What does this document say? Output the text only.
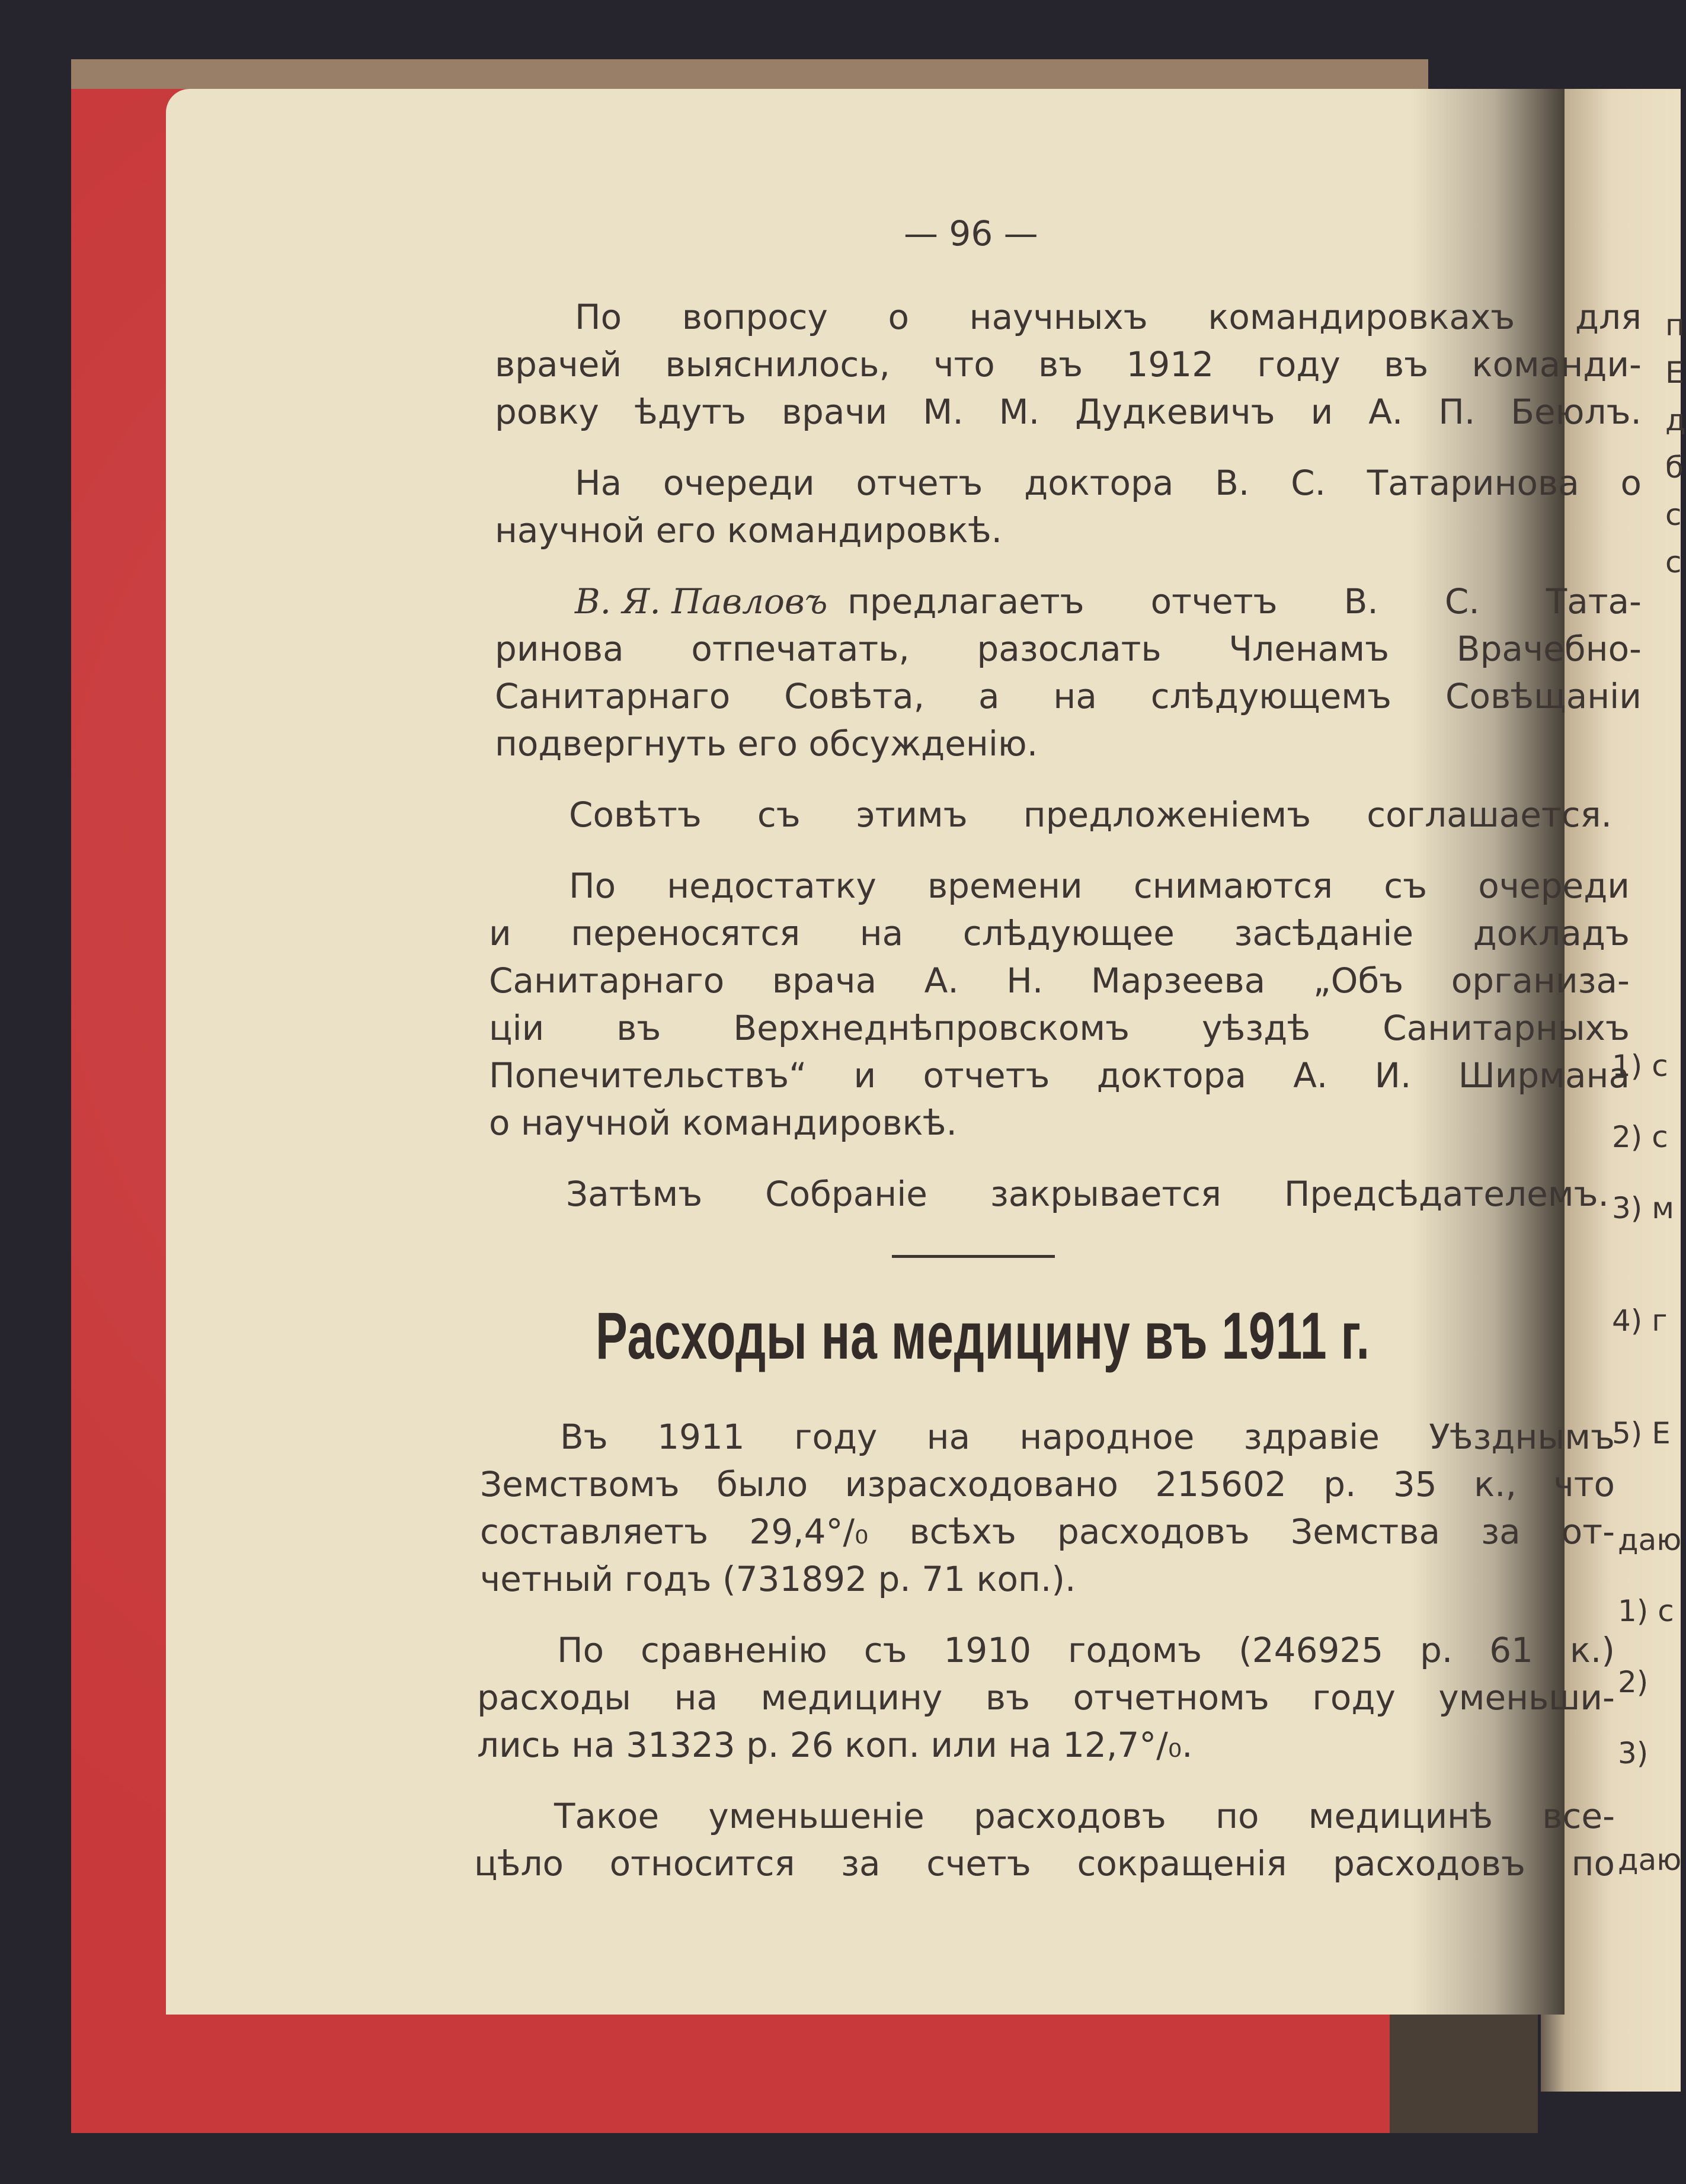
п
Е
д
б
с
с
1) с
2) с
3) м
4) г
5) Е
даю
1) с
2)
3)
даю
— 96 —
По вопросу о научныхъ командировкахъ для
врачей выяснилось, что въ 1912 году въ команди-
ровку ѣдутъ врачи М. М. Дудкевичъ и А. П. Беюлъ.
На очереди отчетъ доктора В. С. Татаринова о
научной его командировкѣ.
В. Я. Павловъ предлагаетъ отчетъ В. С. Тата-
ринова отпечатать, разослать Членамъ Врачебно-
Санитарнаго Совѣта, а на слѣдующемъ Совѣщаніи
подвергнуть его обсужденію.
Совѣтъ съ этимъ предложеніемъ соглашается.
По недостатку времени снимаются съ очереди
и переносятся на слѣдующее засѣданіе докладъ
Санитарнаго врача А. Н. Марзеева „Объ организа-
ціи въ Верхнеднѣпровскомъ уѣздѣ Санитарныхъ
Попечительствъ“ и отчетъ доктора А. И. Ширмана
о научной командировкѣ.
Затѣмъ Собраніе закрывается Предсѣдателемъ.
Расходы на медицину въ 1911 г.
Въ 1911 году на народное здравіе Уѣзднымъ
Земствомъ было израсходовано 215602 р. 35 к., что
составляетъ 29,4°/₀ всѣхъ расходовъ Земства за от-
четный годъ (731892 р. 71 коп.).
По сравненію съ 1910 годомъ (246925 р. 61 к.)
расходы на медицину въ отчетномъ году уменьши-
лись на 31323 р. 26 коп. или на 12,7°/₀.
Такое уменьшеніе расходовъ по медицинѣ все-
цѣло относится за счетъ сокращенія расходовъ по
